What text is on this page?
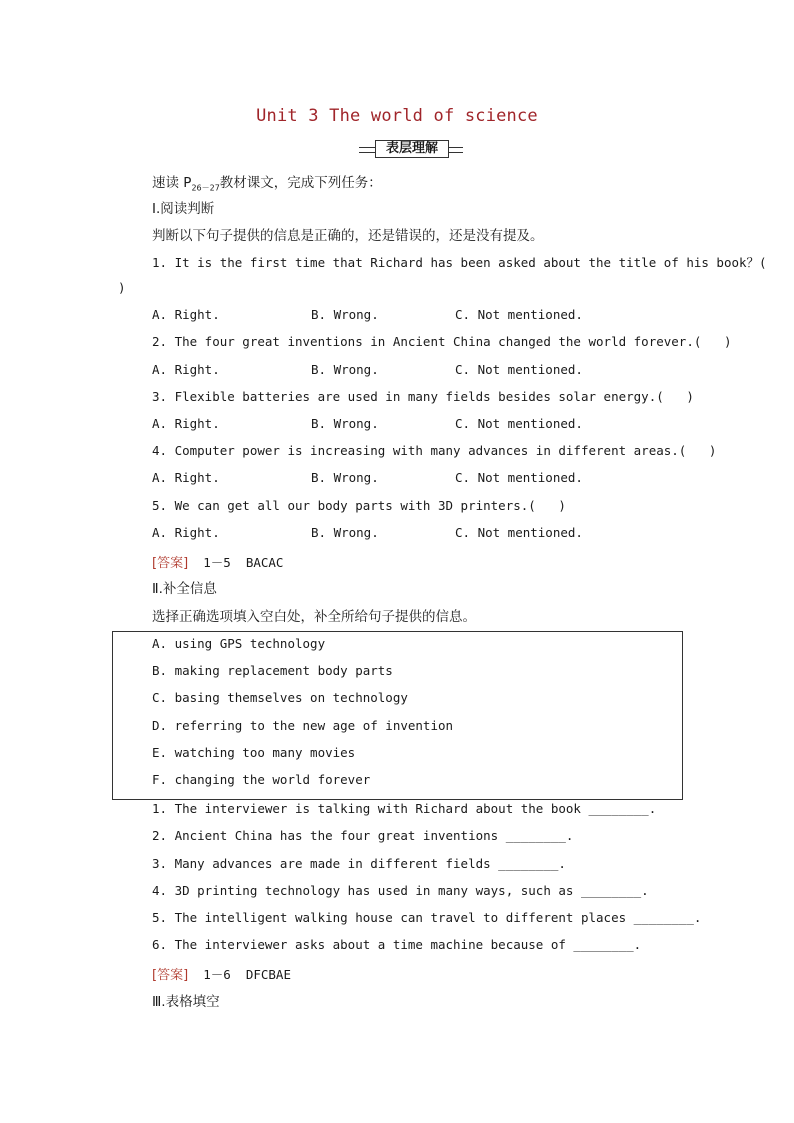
Unit 3 The world of science
表层理解
速读 $P_{26-27}$教材课文，完成下列任务：
Ⅰ.阅读判断
判断以下句子提供的信息是正确的，还是错误的，还是没有提及。
1. It is the first time that Richard has been asked about the title of his book？(
)
A. Right.	B. Wrong.	C. Not mentioned.
2. The four great inventions in Ancient China changed the world forever.(   )
A. Right.	B. Wrong.	C. Not mentioned.
3. Flexible batteries are used in many fields besides solar energy.(   )
A. Right.	B. Wrong.	C. Not mentioned.
4. Computer power is increasing with many advances in different areas.(   )
A. Right.	B. Wrong.	C. Not mentioned.
5. We can get all our body parts with 3D printers.(   )
A. Right.	B. Wrong.	C. Not mentioned.
[答案] 1－5  BACAC
Ⅱ.补全信息
选择正确选项填入空白处，补全所给句子提供的信息。
A. using GPS technology
B. making replacement body parts
C. basing themselves on technology
D. referring to the new age of invention
E. watching too many movies
F. changing the world forever
1. The interviewer is talking with Richard about the book ________.
2. Ancient China has the four great inventions ________.
3. Many advances are made in different fields ________.
4. 3D printing technology has used in many ways, such as ________.
5. The intelligent walking house can travel to different places ________.
6. The interviewer asks about a time machine because of ________.
[答案] 1－6  DFCBAE
Ⅲ.表格填空
